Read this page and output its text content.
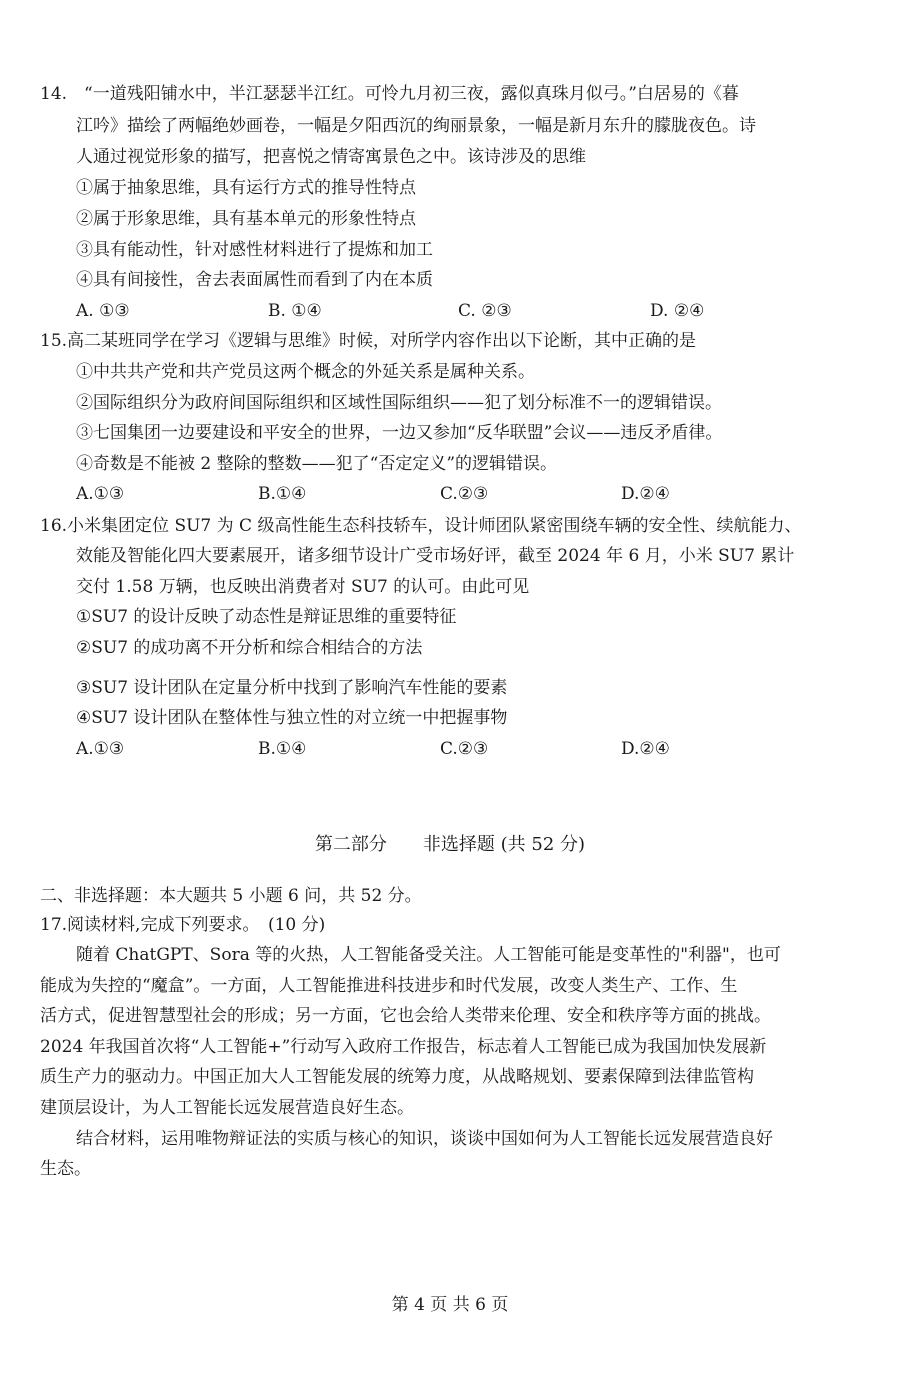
14.　“一道残阳铺水中，半江瑟瑟半江红。可怜九月初三夜，露似真珠月似弓。”白居易的《暮
江吟》描绘了两幅绝妙画卷，一幅是夕阳西沉的绚丽景象，一幅是新月东升的朦胧夜色。诗
人通过视觉形象的描写，把喜悦之情寄寓景色之中。该诗涉及的思维
①属于抽象思维，具有运行方式的推导性特点
②属于形象思维，具有基本单元的形象性特点
③具有能动性，针对感性材料进行了提炼和加工
④具有间接性，舍去表面属性而看到了内在本质
A. ①③	B. ①④	C. ②③	D. ②④
15.高二某班同学在学习《逻辑与思维》时候，对所学内容作出以下论断，其中正确的是
①中共共产党和共产党员这两个概念的外延关系是属种关系。
②国际组织分为政府间国际组织和区域性国际组织——犯了划分标准不一的逻辑错误。
③七国集团一边要建设和平安全的世界，一边又参加“反华联盟”会议——违反矛盾律。
④奇数是不能被 2 整除的整数——犯了“否定定义”的逻辑错误。
A.①③	B.①④	C.②③	D.②④
16.小米集团定位 SU7 为 C 级高性能生态科技轿车，设计师团队紧密围绕车辆的安全性、续航能力、
效能及智能化四大要素展开，诸多细节设计广受市场好评，截至 2024 年 6 月，小米 SU7 累计
交付 1.58 万辆，也反映出消费者对 SU7 的认可。由此可见
①SU7 的设计反映了动态性是辩证思维的重要特征
②SU7 的成功离不开分析和综合相结合的方法
③SU7 设计团队在定量分析中找到了影响汽车性能的要素
④SU7 设计团队在整体性与独立性的对立统一中把握事物
A.①③	B.①④	C.②③	D.②④
第二部分　　非选择题 (共 52 分)
二、非选择题：本大题共 5 小题 6 问，共 52 分。
17.阅读材料,完成下列要求。　(10 分)
随着 ChatGPT、Sora 等的火热，人工智能备受关注。人工智能可能是变革性的"利器"，也可
能成为失控的“魔盒”。一方面，人工智能推进科技进步和时代发展，改变人类生产、工作、生
活方式，促进智慧型社会的形成；另一方面，它也会给人类带来伦理、安全和秩序等方面的挑战。
2024 年我国首次将“人工智能+”行动写入政府工作报告，标志着人工智能已成为我国加快发展新
质生产力的驱动力。中国正加大人工智能发展的统筹力度，从战略规划、要素保障到法律监管构
建顶层设计，为人工智能长远发展营造良好生态。
结合材料，运用唯物辩证法的实质与核心的知识，谈谈中国如何为人工智能长远发展营造良好
生态。
第 4 页 共 6 页
